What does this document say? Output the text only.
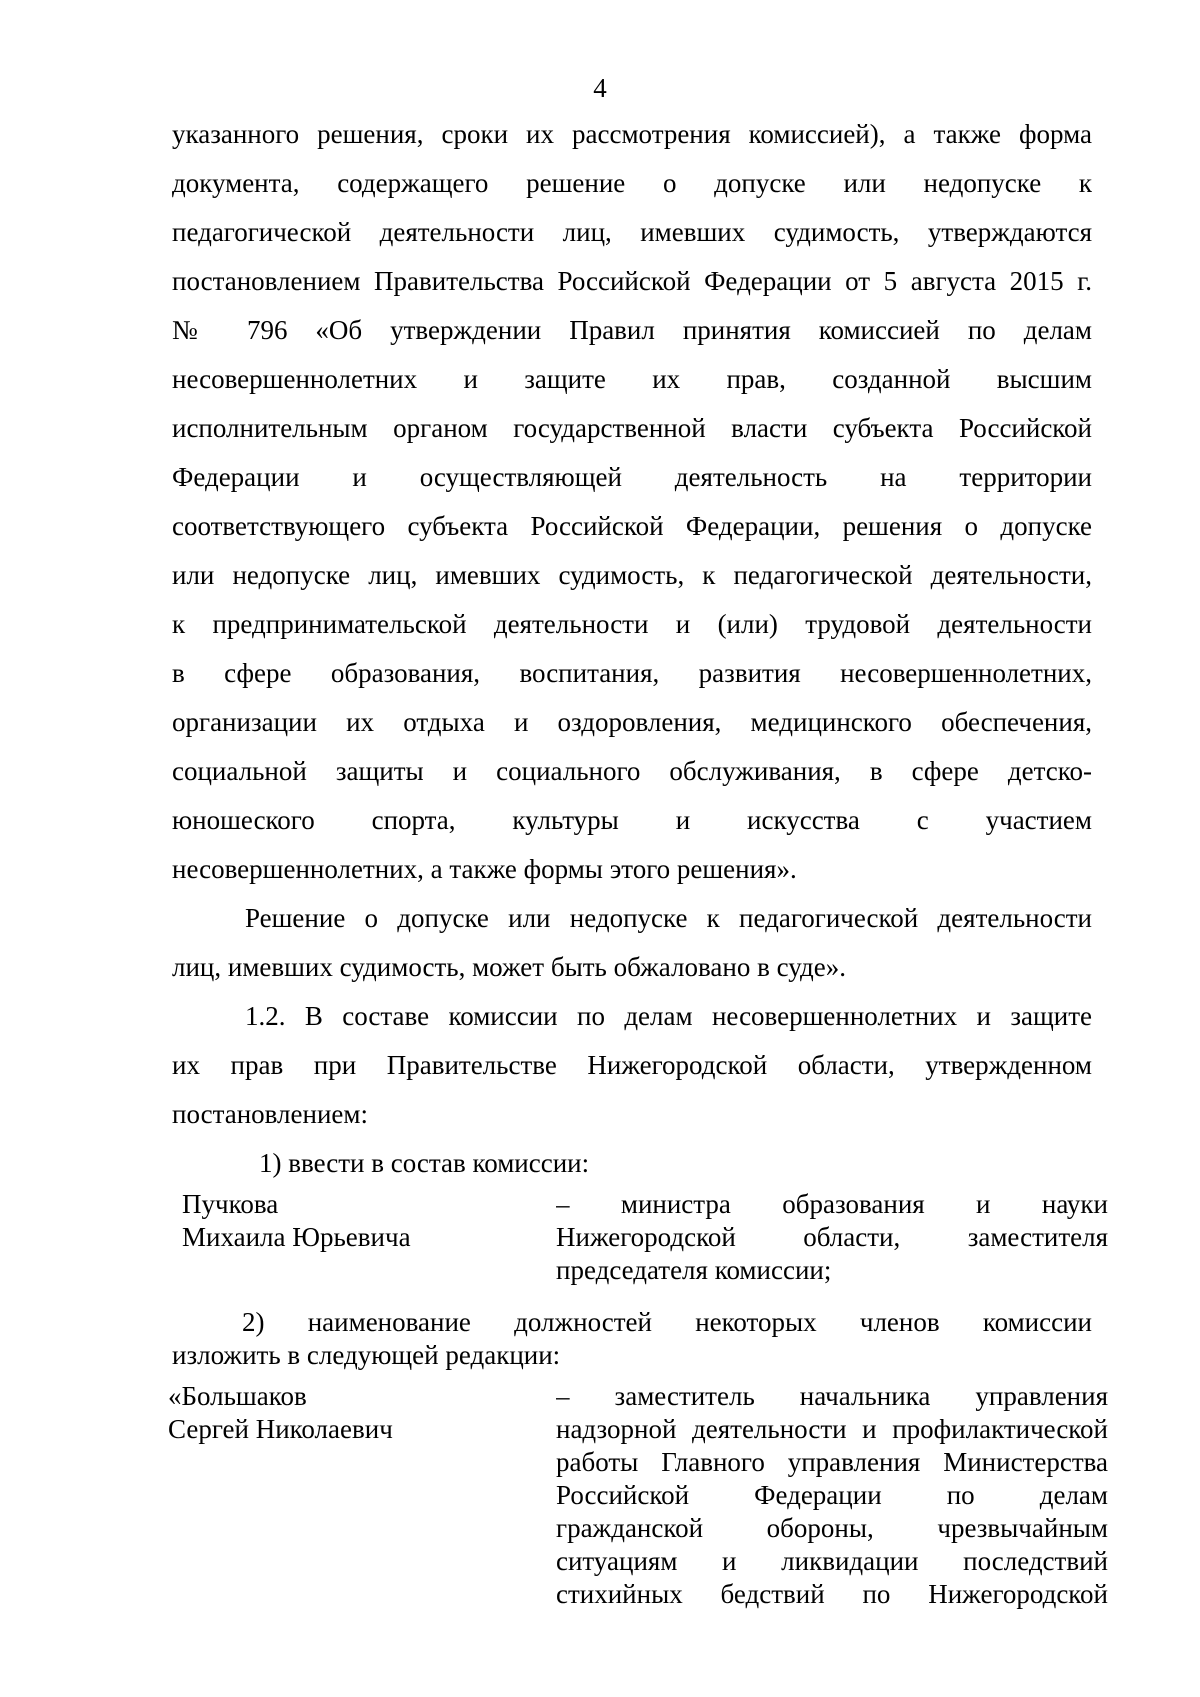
4
указанного решения, сроки их рассмотрения комиссией), а также форма
документа, содержащего решение о допуске или недопуске к
педагогической деятельности лиц, имевших судимость, утверждаются
постановлением Правительства Российской Федерации от 5 августа 2015 г.
№ 796 «Об утверждении Правил принятия комиссией по делам
несовершеннолетних и защите их прав, созданной высшим
исполнительным органом государственной власти субъекта Российской
Федерации и осуществляющей деятельность на территории
соответствующего субъекта Российской Федерации, решения о допуске
или недопуске лиц, имевших судимость, к педагогической деятельности,
к предпринимательской деятельности и (или) трудовой деятельности
в сфере образования, воспитания, развития несовершеннолетних,
организации их отдыха и оздоровления, медицинского обеспечения,
социальной защиты и социального обслуживания, в сфере детско-
юношеского спорта, культуры и искусства с участием
несовершеннолетних, а также формы этого решения».
Решение о допуске или недопуске к педагогической деятельности
лиц, имевших судимость, может быть обжаловано в суде».
1.2. В составе комиссии по делам несовершеннолетних и защите
их прав при Правительстве Нижегородской области, утвержденном
постановлением:
1) ввести в состав комиссии:
Пучкова
Михаила Юрьевича
– министра образования и науки
Нижегородской области, заместителя
председателя комиссии;
2) наименование должностей некоторых членов комиссии
изложить в следующей редакции:
«Большаков
Сергей Николаевич
– заместитель начальника управления
надзорной деятельности и профилактической
работы Главного управления Министерства
Российской Федерации по делам
гражданской обороны, чрезвычайным
ситуациям и ликвидации последствий
стихийных бедствий по Нижегородской
